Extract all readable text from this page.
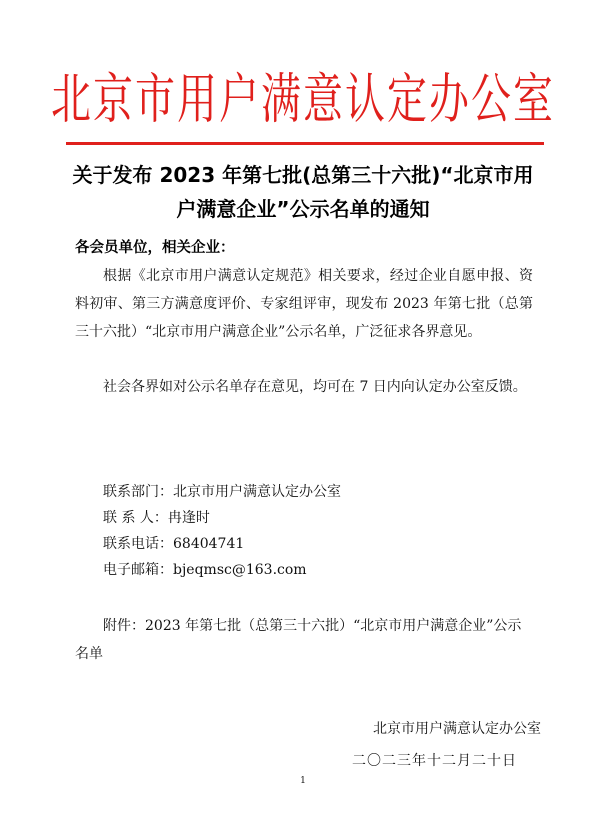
北京市用户满意认定办公室
关于发布 2023 年第七批(总第三十六批)“北京市用户满意企业”公示名单的通知
各会员单位，相关企业：
根据《北京市用户满意认定规范》相关要求，经过企业自愿申报、资料初审、第三方满意度评价、专家组评审，现发布 2023 年第七批（总第三十六批）“北京市用户满意企业”公示名单，广泛征求各界意见。
社会各界如对公示名单存在意见，均可在 7 日内向认定办公室反馈。
联系部门：北京市用户满意认定办公室
联 系 人：冉逢时
联系电话：68404741
电子邮箱：bjeqmsc@163.com
附件：2023 年第七批（总第三十六批）“北京市用户满意企业”公示名单
北京市用户满意认定办公室
二〇二三年十二月二十日
1
